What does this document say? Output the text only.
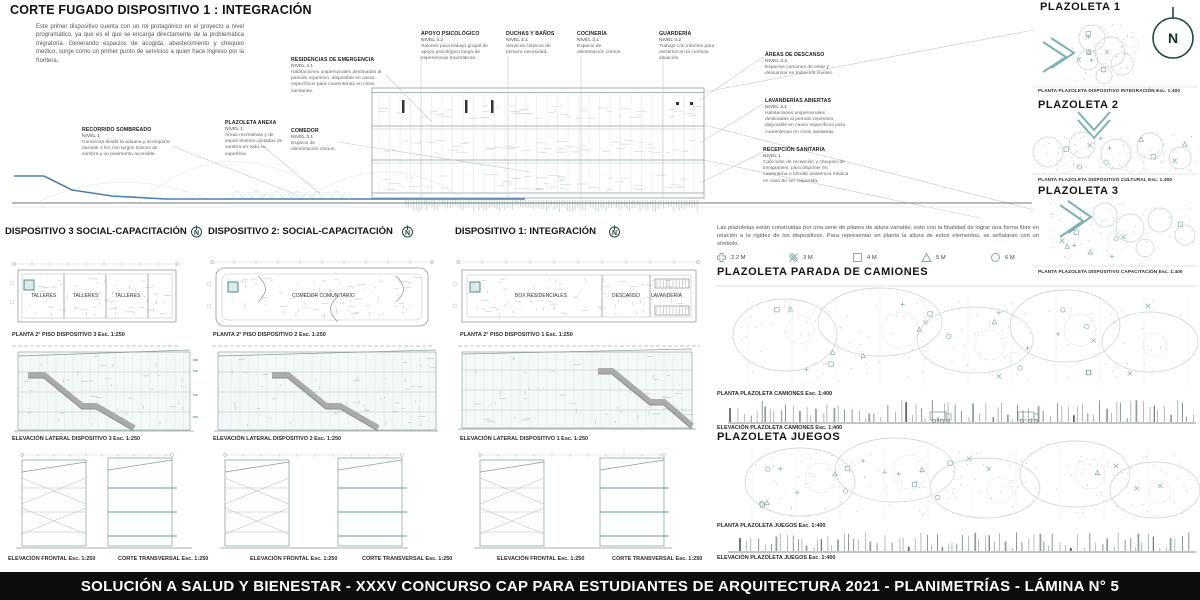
CORTE FUGADO DISPOSITIVO 1 : INTEGRACIÓN
Este primer dispositivo cuenta con un rol protagónico en el proyecto a nivel programático, ya que es el que se encarga directamente de la problemática migratoria. Generando espacios de acogida, abastecimiento y chequeo medico, surge como un primer punto de servicios a quien hace ingreso por la frontera.
RECORRIDO SOMBREADO
NIVEL 1
Comienza desde la aduana y acompaña durante 2 km con largos tramos de sombra y un pavimento accesible.
PLAZOLETA ANEXA
NIVEL 1
Áreas recreativas y de esparcimiento, dotadas de sombra en toda su superficie.
COMEDOR
NIVEL 3.1
Espacio de alimentación común.
RESIDENCIAS DE EMERGENCIA
NIVEL 4.1
Habitaciones unipersonales destinadas al periodo repentino, disponible en casos específicos para cuarentenas en crisis sanitarias.
APOYO PSICOLÓGICO
NIVEL 4.2
Salones para trabajo grupal de apoyo psicológico luego de experiencias traumáticas.
DUCHAS Y BAÑOS
NIVEL 2.1
Servicios básicos de primera necesidad.
COCINERÍA
NIVEL 3.1
Espacio de alimentación común.
GUARDERÍA
NIVEL 4.2
Trabajo con infantes para asistirlos en la confusa situación.
ÁREAS DE DESCANSO
NIVEL 3.2
Espacios comunes de estar y descanzar en todos los niveles.
LAVANDERÍAS ABIERTAS
NIVEL 2.1
Habitaciones unipersonales destinadas al periodo repentino, disponible en casos específicos para cuarentenas en crisis sanitarias.
RECEPCIÓN SANITARIA
NIVEL 1
Cubículos de recepción y chequeo de inmigrantes, para disponer en cuarentena o brindar asistencia médica en caso de ser requerida.
PLAZOLETA 1
N
PLANTA PLAZOLETA DISPOSITIVO INTEGRACIÓN Esc. 1:400
PLAZOLETA 2
PLANTA PLAZOLETA DISPOSITIVO CULTURAL Esc. 1:400
PLAZOLETA 3
PLANTA PLAZOLETA DISPOSITIVO CAPACITACIÓN Esc. 1:400
DISPOSITIVO 3 SOCIAL-CAPACITACIÓN N DISPOSITIVO 2: SOCIAL-CAPACITACIÓN N	DISPOSITIVO 1: INTEGRACIÓN N
TALLERES	TALLERES	TALLERES	COMEDOR COMUNITARIO	BOX RESIDENCIALES	DESCANSO LAVANDERÍA
PLANTA 2° PISO DISPOSITIVO 3 Esc. 1:250	PLANTA 2° PISO DISPOSITIVO 2 Esc. 1:250	PLANTA 2° PISO DISPOSITIVO 1 Esc. 1:250
ELEVACIÓN LATERAL DISPOSITIVO 3 Esc. 1:250	ELEVACIÓN LATERAL DISPOSITIVO 2 Esc. 1:250	ELEVACIÓN LATERAL DISPOSITIVO 1 Esc. 1:250
ELEVACIÓN FRONTAL Esc. 1:250	CORTE TRANSVERSAL Esc. 1:250	ELEVACIÓN FRONTAL Esc. 1:250	CORTE TRANSVERSAL Esc. 1:250	ELEVACIÓN FRONTAL Esc. 1:250	CORTE TRANSVERSAL Esc. 1:250
Las plazoletas están construidas por una serie de pilares de altura variable, esto con la finalidad de lograr una forma libre en relación a la rigidez de los dispositivos. Para representar en planta la altura de estos elementos, se señalaran con un símbolo.
2.2 M	3 M	4 M	5 M	6 M
PLAZOLETA PARADA DE CAMIONES
PLANTA PLAZOLETA CAMIONES Esc. 1:400
ELEVACIÓN PLAZOLETA CAMIONES Esc. 1:400
PLAZOLETA JUEGOS
PLANTA PLAZOLETA JUEGOS Esc. 1:400
ELEVACIÓN PLAZOLETA JUEGOS Esc. 1:400
SOLUCIÓN A SALUD Y BIENESTAR - XXXV CONCURSO CAP PARA ESTUDIANTES DE ARQUITECTURA 2021 - PLANIMETRÍAS - LÁMINA N° 5
